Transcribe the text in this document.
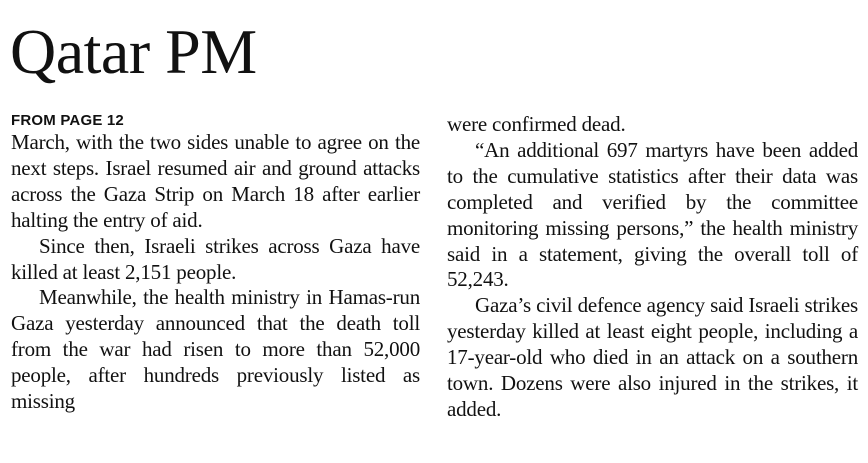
Qatar PM
FROM PAGE 12

March, with the two sides unable to agree on the next steps. Israel resumed air and ground attacks across the Gaza Strip on March 18 after earlier halting the entry of aid.

Since then, Israeli strikes across Gaza have killed at least 2,151 people.

Meanwhile, the health ministry in Hamas-run Gaza yesterday announced that the death toll from the war had risen to more than 52,000 people, after hundreds previously listed as missing

were confirmed dead.

“An additional 697 martyrs have been added to the cumulative statistics after their data was completed and verified by the committee monitoring missing persons,” the health ministry said in a statement, giving the overall toll of 52,243.

Gaza’s civil defence agency said Israeli strikes yesterday killed at least eight people, including a 17-year-old who died in an attack on a southern town. Dozens were also injured in the strikes, it added.
